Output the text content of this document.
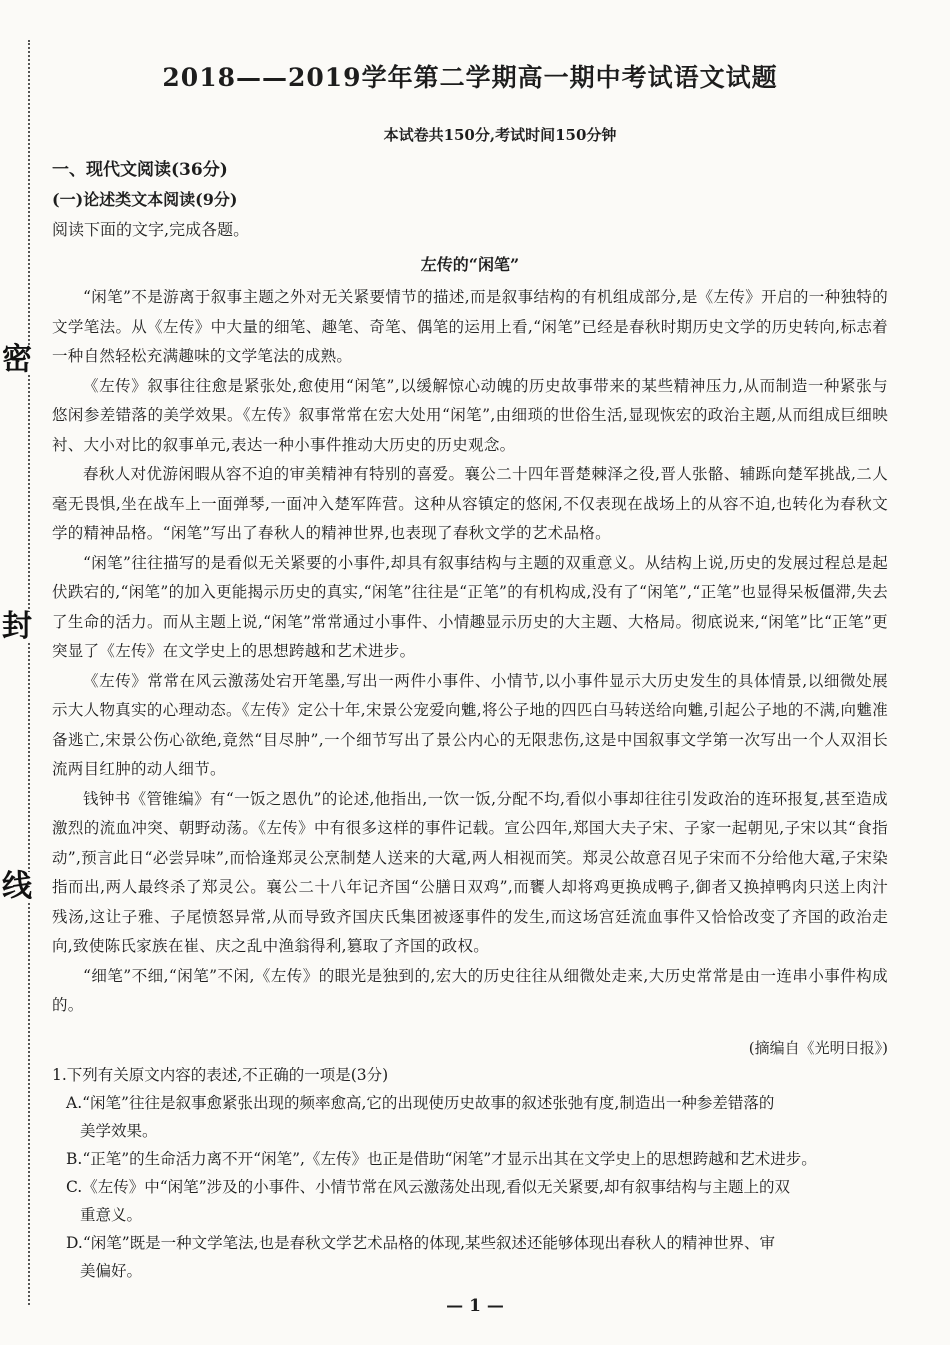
密
封
线
2018——2019学年第二学期高一期中考试语文试题

本试卷共150分,考试时间150分钟

一、现代文阅读(36分)

(一)论述类文本阅读(9分)

阅读下面的文字,完成各题。

左传的“闲笔”

“闲笔”不是游离于叙事主题之外对无关紧要情节的描述,而是叙事结构的有机组成部分,是《左传》开启的一种独特的文学笔法。从《左传》中大量的细笔、趣笔、奇笔、偶笔的运用上看,“闲笔”已经是春秋时期历史文学的历史转向,标志着一种自然轻松充满趣味的文学笔法的成熟。

《左传》叙事往往愈是紧张处,愈使用“闲笔”,以缓解惊心动魄的历史故事带来的某些精神压力,从而制造一种紧张与悠闲参差错落的美学效果。《左传》叙事常常在宏大处用“闲笔”,由细琐的世俗生活,显现恢宏的政治主题,从而组成巨细映衬、大小对比的叙事单元,表达一种小事件推动大历史的历史观念。

春秋人对优游闲暇从容不迫的审美精神有特别的喜爱。襄公二十四年晋楚棘泽之役,晋人张骼、辅跞向楚军挑战,二人毫无畏惧,坐在战车上一面弹琴,一面冲入楚军阵营。这种从容镇定的悠闲,不仅表现在战场上的从容不迫,也转化为春秋文学的精神品格。“闲笔”写出了春秋人的精神世界,也表现了春秋文学的艺术品格。

“闲笔”往往描写的是看似无关紧要的小事件,却具有叙事结构与主题的双重意义。从结构上说,历史的发展过程总是起伏跌宕的,“闲笔”的加入更能揭示历史的真实,“闲笔”往往是“正笔”的有机构成,没有了“闲笔”,“正笔”也显得呆板僵滞,失去了生命的活力。而从主题上说,“闲笔”常常通过小事件、小情趣显示历史的大主题、大格局。彻底说来,“闲笔”比“正笔”更突显了《左传》在文学史上的思想跨越和艺术进步。

《左传》常常在风云激荡处宕开笔墨,写出一两件小事件、小情节,以小事件显示大历史发生的具体情景,以细微处展示大人物真实的心理动态。《左传》定公十年,宋景公宠爱向魋,将公子地的四匹白马转送给向魋,引起公子地的不满,向魋准备逃亡,宋景公伤心欲绝,竟然“目尽肿”,一个细节写出了景公内心的无限悲伤,这是中国叙事文学第一次写出一个人双泪长流两目红肿的动人细节。

钱钟书《管锥编》有“一饭之恩仇”的论述,他指出,一饮一饭,分配不均,看似小事却往往引发政治的连环报复,甚至造成激烈的流血冲突、朝野动荡。《左传》中有很多这样的事件记载。宣公四年,郑国大夫子宋、子家一起朝见,子宋以其“食指动”,预言此日“必尝异味”,而恰逢郑灵公烹制楚人送来的大鼋,两人相视而笑。郑灵公故意召见子宋而不分给他大鼋,子宋染指而出,两人最终杀了郑灵公。襄公二十八年记齐国“公膳日双鸡”,而饔人却将鸡更换成鸭子,御者又换掉鸭肉只送上肉汁残汤,这让子雅、子尾愤怒异常,从而导致齐国庆氏集团被逐事件的发生,而这场宫廷流血事件又恰恰改变了齐国的政治走向,致使陈氏家族在崔、庆之乱中渔翁得利,篡取了齐国的政权。

“细笔”不细,“闲笔”不闲,《左传》的眼光是独到的,宏大的历史往往从细微处走来,大历史常常是由一连串小事件构成的。

(摘编自《光明日报》)

1.下列有关原文内容的表述,不正确的一项是(3分)

A.“闲笔”往往是叙事愈紧张出现的频率愈高,它的出现使历史故事的叙述张弛有度,制造出一种参差错落的
美学效果。

B.“正笔”的生命活力离不开“闲笔”,《左传》也正是借助“闲笔”才显示出其在文学史上的思想跨越和艺术进步。

C.《左传》中“闲笔”涉及的小事件、小情节常在风云激荡处出现,看似无关紧要,却有叙事结构与主题上的双
重意义。

D.“闲笔”既是一种文学笔法,也是春秋文学艺术品格的体现,某些叙述还能够体现出春秋人的精神世界、审
美偏好。

— 1 —
